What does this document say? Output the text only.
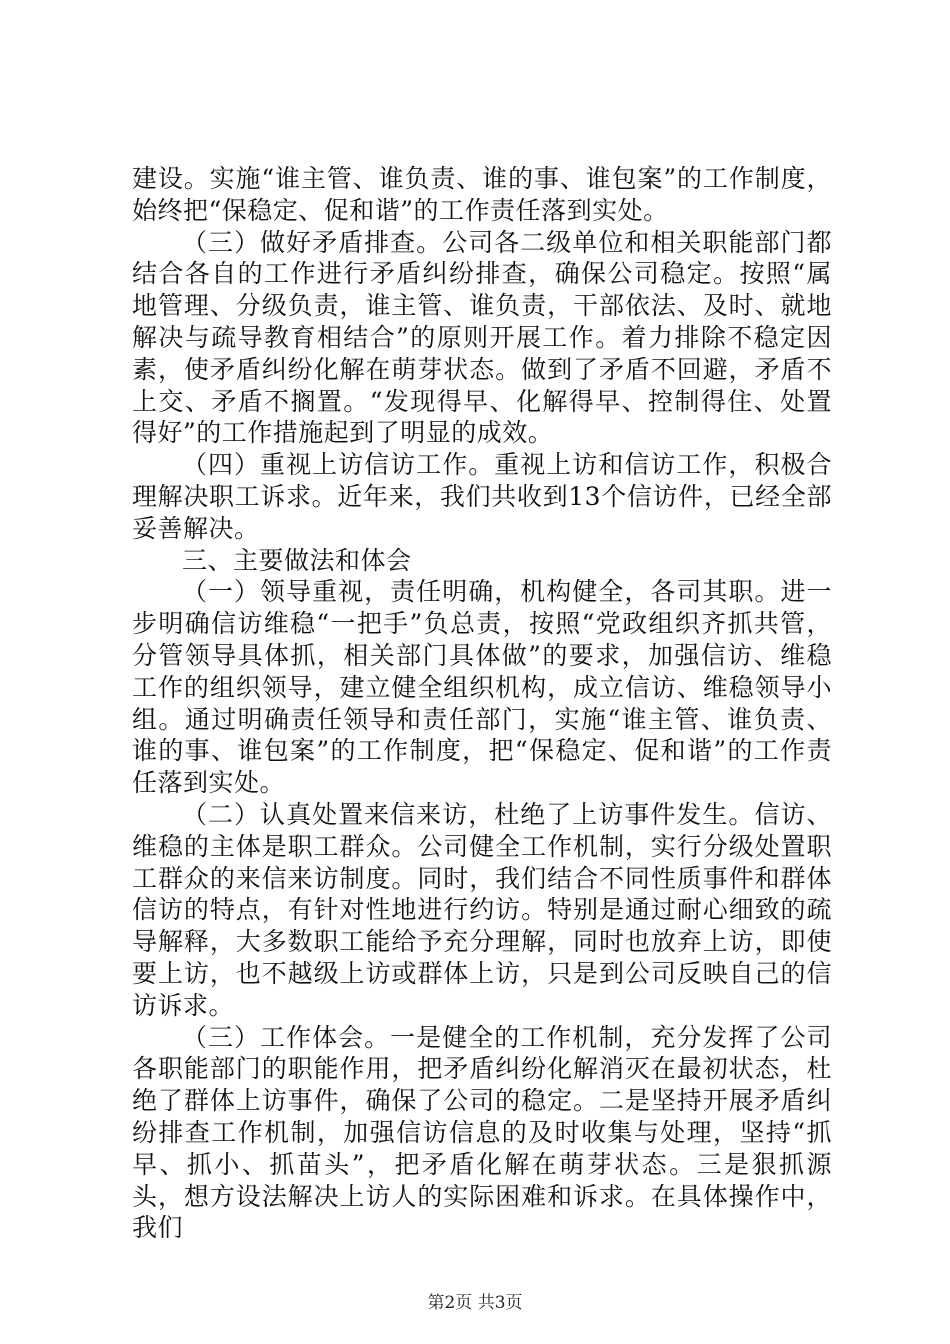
建设。实施“谁主管、谁负责、谁的事、谁包案”的工作制度，始终把“保稳定、促和谐”的工作责任落到实处。

（三）做好矛盾排查。公司各二级单位和相关职能部门都结合各自的工作进行矛盾纠纷排查，确保公司稳定。按照“属地管理、分级负责，谁主管、谁负责，干部依法、及时、就地解决与疏导教育相结合”的原则开展工作。着力排除不稳定因素，使矛盾纠纷化解在萌芽状态。做到了矛盾不回避，矛盾不上交、矛盾不搁置。“发现得早、化解得早、控制得住、处置得好”的工作措施起到了明显的成效。

（四）重视上访信访工作。重视上访和信访工作，积极合理解决职工诉求。近年来，我们共收到13个信访件，已经全部妥善解决。

三、主要做法和体会

（一）领导重视，责任明确，机构健全，各司其职。进一步明确信访维稳“一把手”负总责，按照“党政组织齐抓共管，分管领导具体抓，相关部门具体做”的要求，加强信访、维稳工作的组织领导，建立健全组织机构，成立信访、维稳领导小组。通过明确责任领导和责任部门，实施“谁主管、谁负责、谁的事、谁包案”的工作制度，把“保稳定、促和谐”的工作责任落到实处。

（二）认真处置来信来访，杜绝了上访事件发生。信访、维稳的主体是职工群众。公司健全工作机制，实行分级处置职工群众的来信来访制度。同时，我们结合不同性质事件和群体信访的特点，有针对性地进行约访。特别是通过耐心细致的疏导解释，大多数职工能给予充分理解，同时也放弃上访，即使要上访，也不越级上访或群体上访，只是到公司反映自己的信访诉求。

（三）工作体会。一是健全的工作机制，充分发挥了公司各职能部门的职能作用，把矛盾纠纷化解消灭在最初状态，杜绝了群体上访事件，确保了公司的稳定。二是坚持开展矛盾纠纷排查工作机制，加强信访信息的及时收集与处理，坚持“抓早、抓小、抓苗头”，把矛盾化解在萌芽状态。三是狠抓源头，想方设法解决上访人的实际困难和诉求。在具体操作中，我们

第2页 共3页
